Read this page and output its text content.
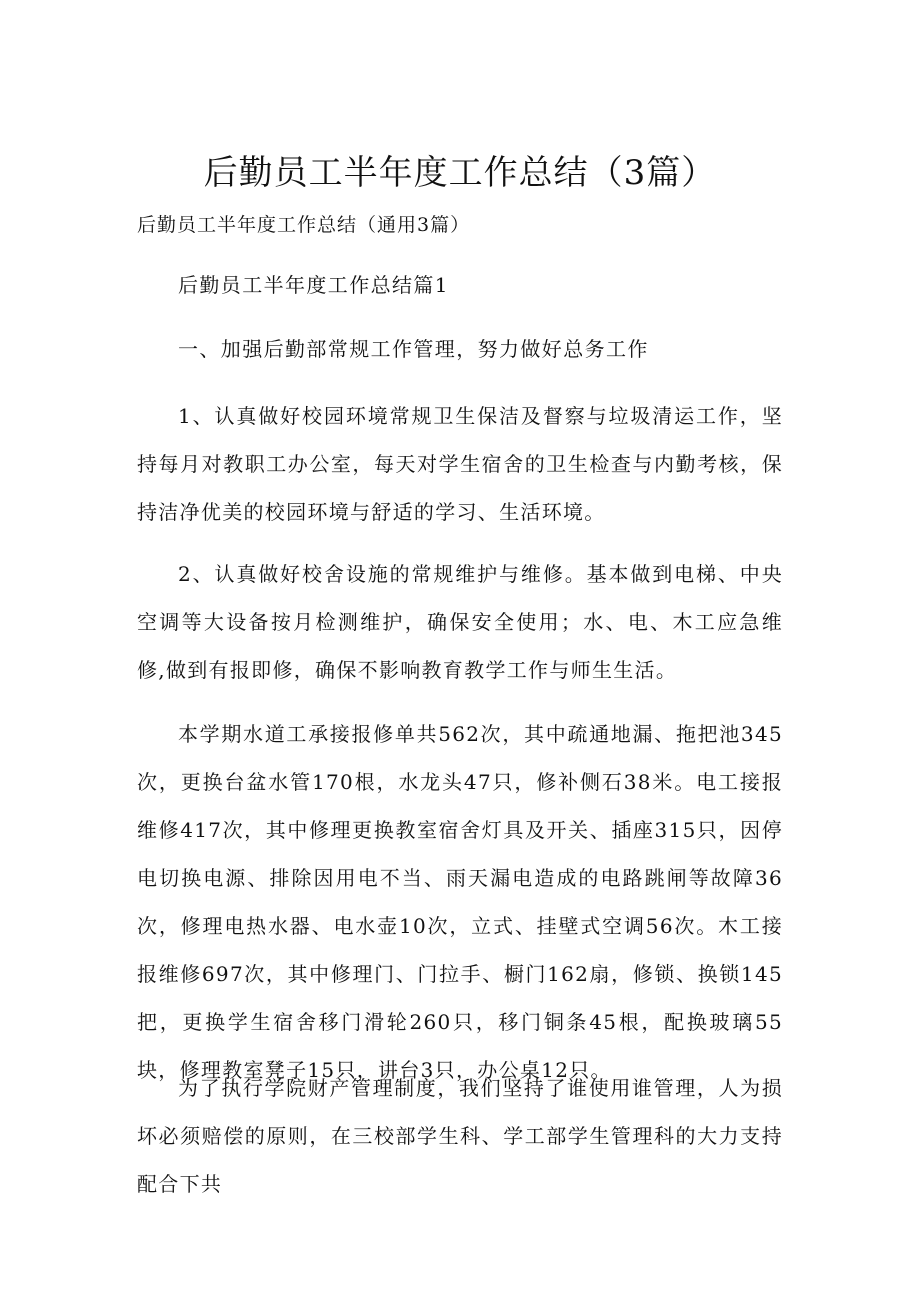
后勤员工半年度工作总结（3篇）

后勤员工半年度工作总结（通用3篇）

后勤员工半年度工作总结篇1

一、加强后勤部常规工作管理，努力做好总务工作

1、认真做好校园环境常规卫生保洁及督察与垃圾清运工作，坚持每月对教职工办公室，每天对学生宿舍的卫生检查与内勤考核，保持洁净优美的校园环境与舒适的学习、生活环境。

2、认真做好校舍设施的常规维护与维修。基本做到电梯、中央空调等大设备按月检测维护，确保安全使用；水、电、木工应急维修,做到有报即修，确保不影响教育教学工作与师生生活。

本学期水道工承接报修单共562次，其中疏通地漏、拖把池345次，更换台盆水管170根，水龙头47只，修补侧石38米。电工接报维修417次，其中修理更换教室宿舍灯具及开关、插座315只，因停电切换电源、排除因用电不当、雨天漏电造成的电路跳闸等故障36次，修理电热水器、电水壶10次，立式、挂壁式空调56次。木工接报维修697次，其中修理门、门拉手、橱门162扇，修锁、换锁145把，更换学生宿舍移门滑轮260只，移门铜条45根，配换玻璃55块，修理教室凳子15只，讲台3只，办公桌12只。

为了执行学院财产管理制度，我们坚持了谁使用谁管理，人为损坏必须赔偿的原则，在三校部学生科、学工部学生管理科的大力支持配合下共
